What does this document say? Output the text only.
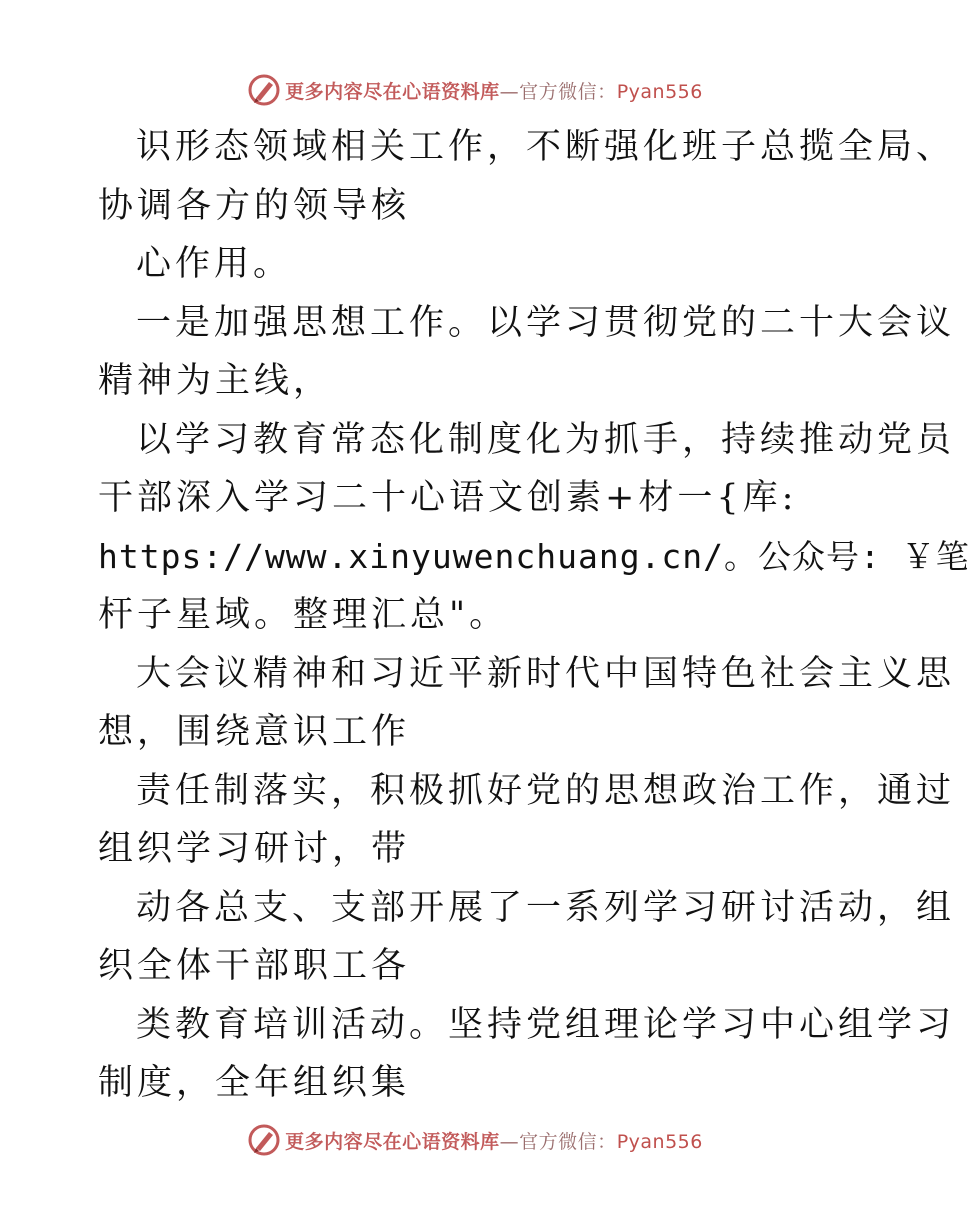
更多内容尽在心语资料库—官方微信：Pyan556
识形态领域相关工作，不断强化班子总揽全局、
协调各方的领导核
心作用。
一是加强思想工作。以学习贯彻党的二十大会议
精神为主线，
以学习教育常态化制度化为抓手，持续推动党员
干部深入学习二十心语文创素+材一{库:
https://www.xinyuwenchuang.cn/。公众号: ￥笔
杆子星域。整理汇总"。
大会议精神和习近平新时代中国特色社会主义思
想，围绕意识工作
责任制落实，积极抓好党的思想政治工作，通过
组织学习研讨，带
动各总支、支部开展了一系列学习研讨活动，组
织全体干部职工各
类教育培训活动。坚持党组理论学习中心组学习
制度，全年组织集
更多内容尽在心语资料库—官方微信：Pyan556
